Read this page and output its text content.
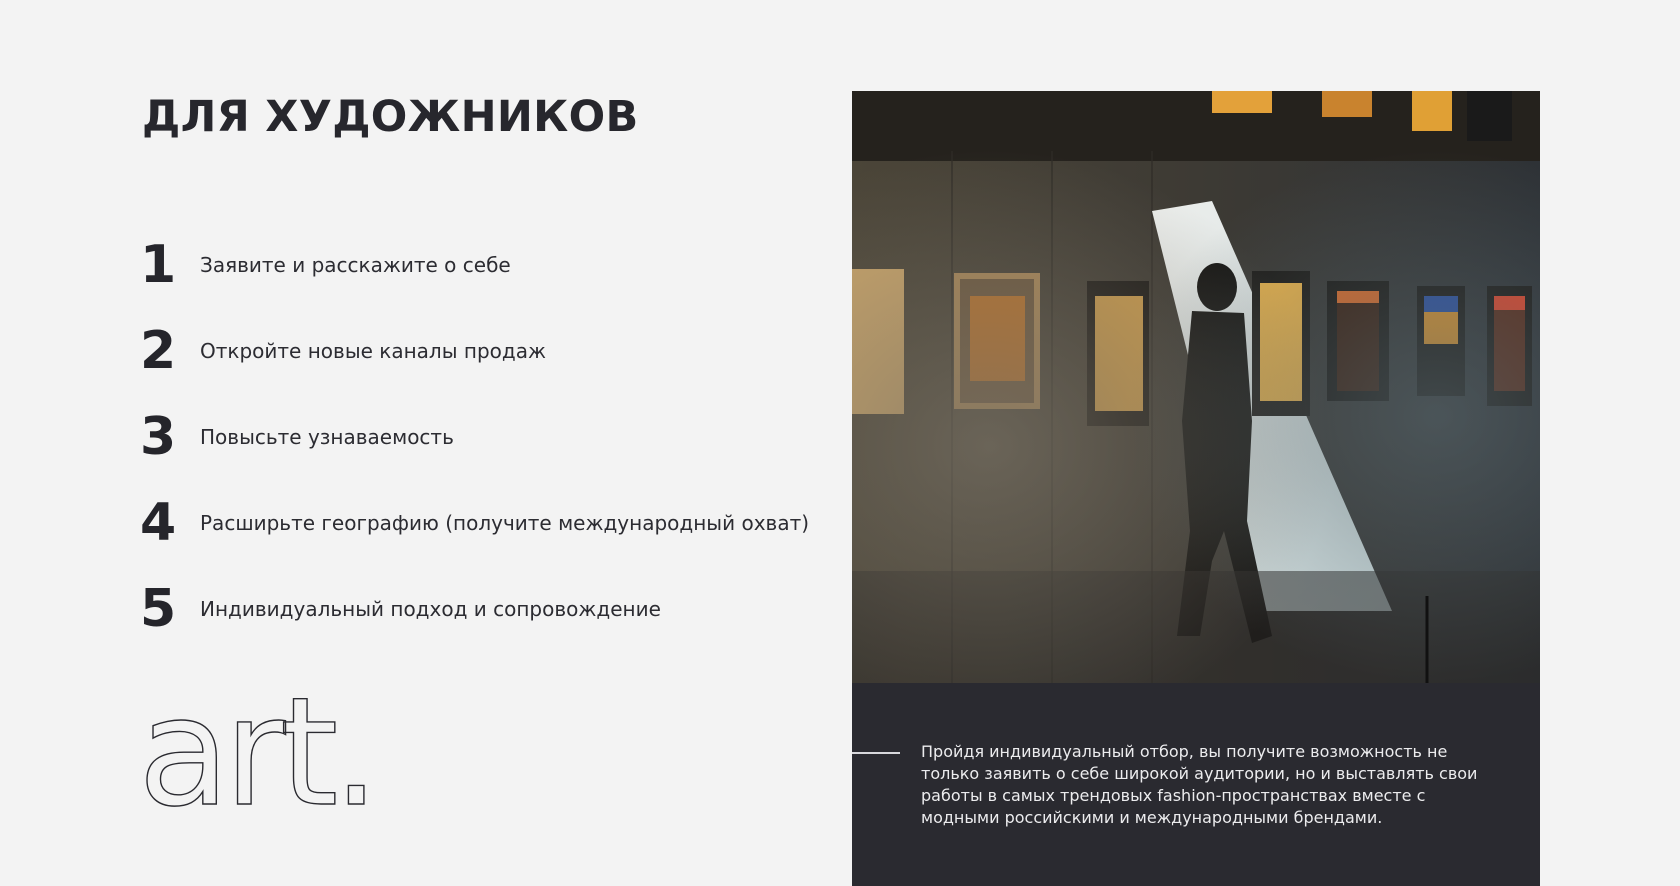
ДЛЯ ХУДОЖНИКОВ
1	Заявите и расскажите о себе
2	Откройте новые каналы продаж
3	Повысьте узнаваемость
4	Расширьте географию (получите международный охват)
5	Индивидуальный подход и сопровождение
art.	Пройдя индивидуальный отбор, вы получите возможность не только заявить о себе широкой аудитории, но и выставлять свои работы в самых трендовых fashion-пространствах вместе с модными российскими и международными брендами.
